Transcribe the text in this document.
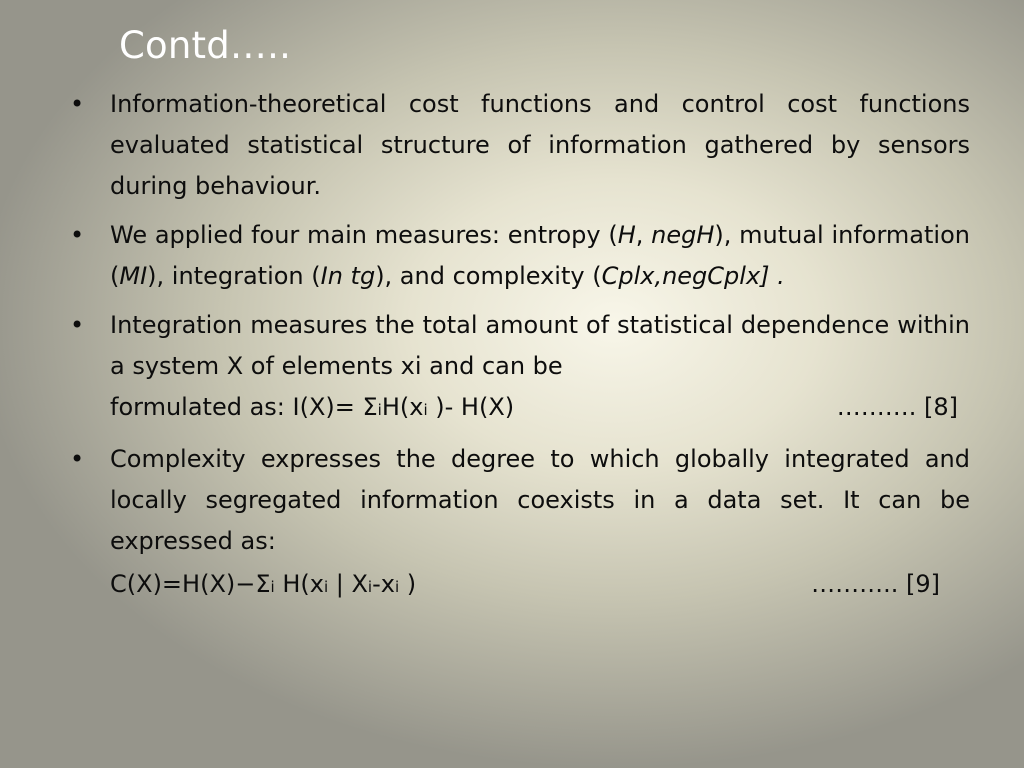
Contd…..
• Information-theoretical cost functions and control cost functions evaluated statistical structure of information gathered by sensors during behaviour.
• We applied four main measures: entropy (H, negH), mutual information (MI), integration (In tg), and complexity (Cplx,negCplx] .
• Integration measures the total amount of statistical dependence within a system X of elements xi and can be
formulated as: I(X)= ΣiH(xi )- H(X)	………. [8]
• Complexity expresses the degree to which globally integrated and locally segregated information coexists in a data set. It can be expressed as:
C(X)=H(X)−Σi H(xi | Xi-xi )	……….. [9]
